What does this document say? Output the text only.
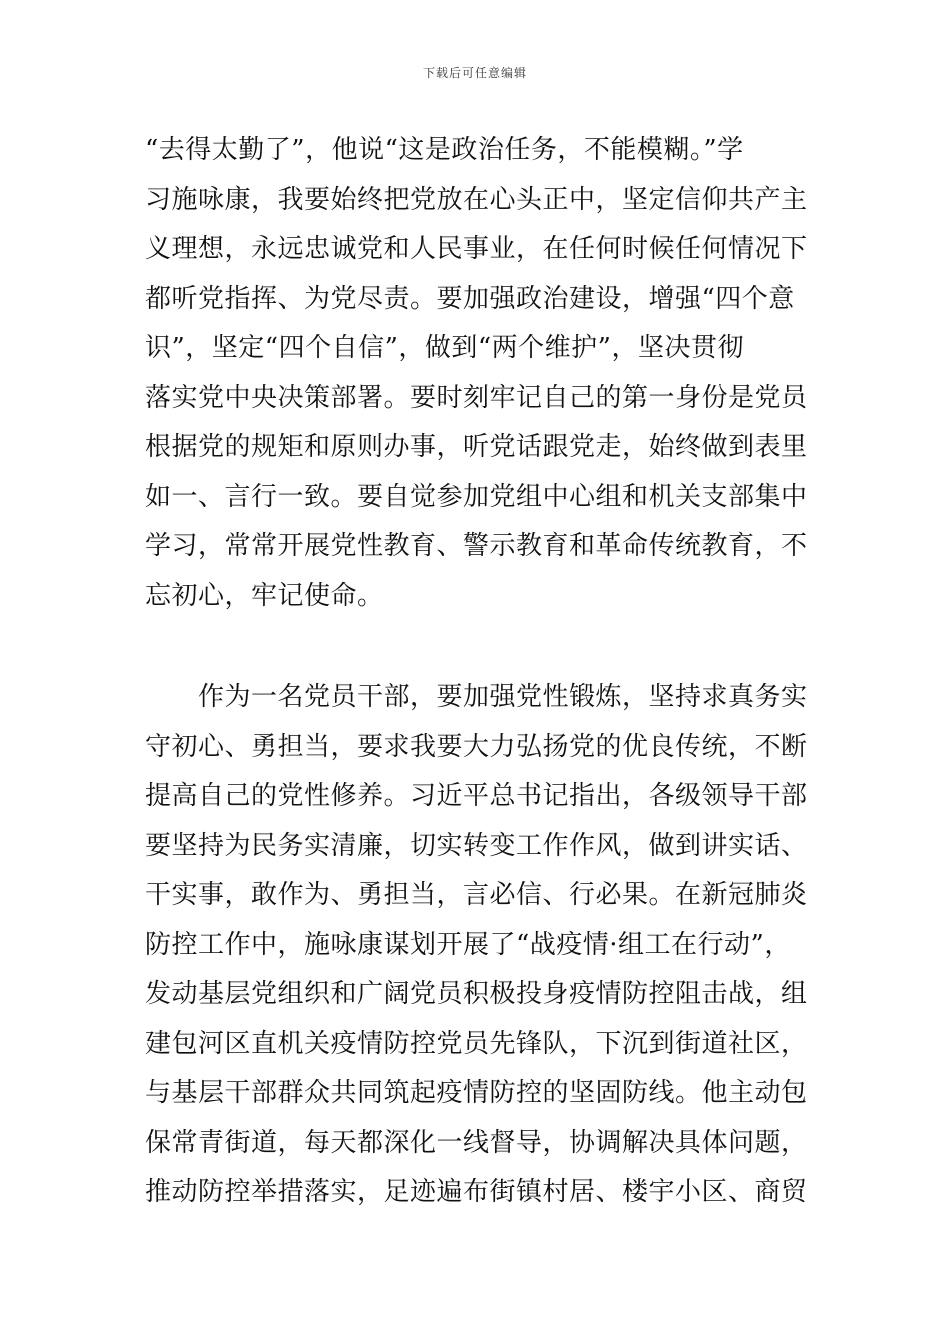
下载后可任意编辑
“去得太勤了”，他说“这是政治任务，不能模糊。”学
习施咏康，我要始终把党放在心头正中，坚定信仰共产主
义理想，永远忠诚党和人民事业，在任何时候任何情况下
都听党指挥、为党尽责。要加强政治建设，增强“四个意
识”，坚定“四个自信”，做到“两个维护”，坚决贯彻
落实党中央决策部署。要时刻牢记自己的第一身份是党员
根据党的规矩和原则办事，听党话跟党走，始终做到表里
如一、言行一致。要自觉参加党组中心组和机关支部集中
学习，常常开展党性教育、警示教育和革命传统教育，不
忘初心，牢记使命。
　　作为一名党员干部，要加强党性锻炼，坚持求真务实
守初心、勇担当，要求我要大力弘扬党的优良传统，不断
提高自己的党性修养。习近平总书记指出，各级领导干部
要坚持为民务实清廉，切实转变工作作风，做到讲实话、
干实事，敢作为、勇担当，言必信、行必果。在新冠肺炎
防控工作中，施咏康谋划开展了“战疫情·组工在行动”，
发动基层党组织和广阔党员积极投身疫情防控阻击战，组
建包河区直机关疫情防控党员先锋队，下沉到街道社区，
与基层干部群众共同筑起疫情防控的坚固防线。他主动包
保常青街道，每天都深化一线督导，协调解决具体问题，
推动防控举措落实，足迹遍布街镇村居、楼宇小区、商贸
